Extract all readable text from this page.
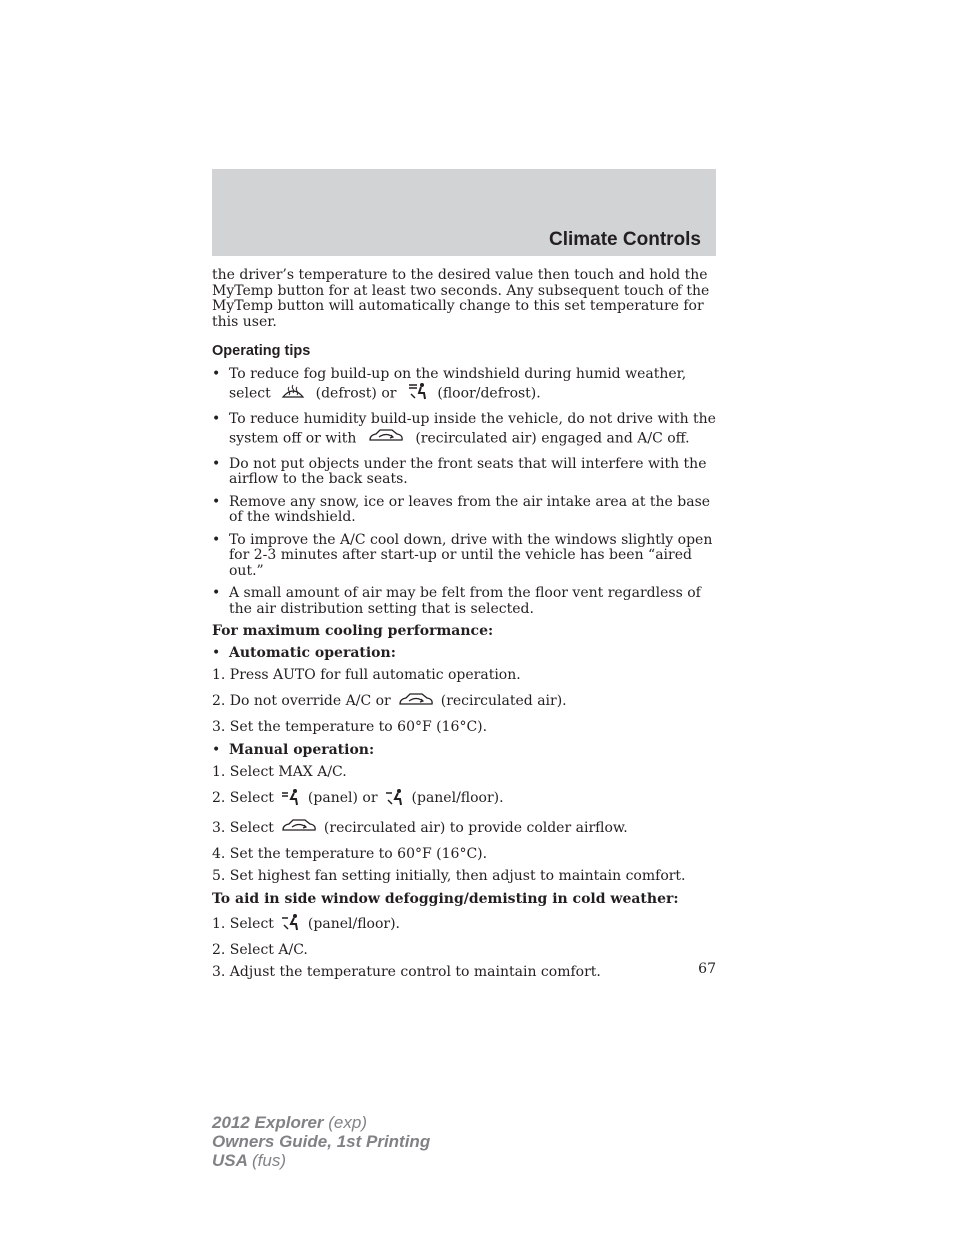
Climate Controls

the driver’s temperature to the desired value then touch and hold the MyTemp button for at least two seconds. Any subsequent touch of the MyTemp button will automatically change to this set temperature for this user.

Operating tips
• To reduce fog build-up on the windshield during humid weather, select	(defrost) or	(floor/defrost).
• To reduce humidity build-up inside the vehicle, do not drive with the system off or with	(recirculated air) engaged and A/C off.
• Do not put objects under the front seats that will interfere with the airflow to the back seats.
• Remove any snow, ice or leaves from the air intake area at the base of the windshield.
• To improve the A/C cool down, drive with the windows slightly open for 2-3 minutes after start-up or until the vehicle has been “aired out.”
• A small amount of air may be felt from the floor vent regardless of the air distribution setting that is selected.
For maximum cooling performance:
• Automatic operation:
1. Press AUTO for full automatic operation.
2. Do not override A/C or	(recirculated air).
3. Set the temperature to 60°F (16°C).
• Manual operation:
1. Select MAX A/C.
2. Select (panel) or (panel/floor).
3. Select	(recirculated air) to provide colder airflow.
4. Set the temperature to 60°F (16°C).
5. Set highest fan setting initially, then adjust to maintain comfort.
To aid in side window defogging/demisting in cold weather:
1. Select (panel/floor).
2. Select A/C.
3. Adjust the temperature control to maintain comfort.	67
2012 Explorer (exp)
Owners Guide, 1st Printing
USA (fus)
